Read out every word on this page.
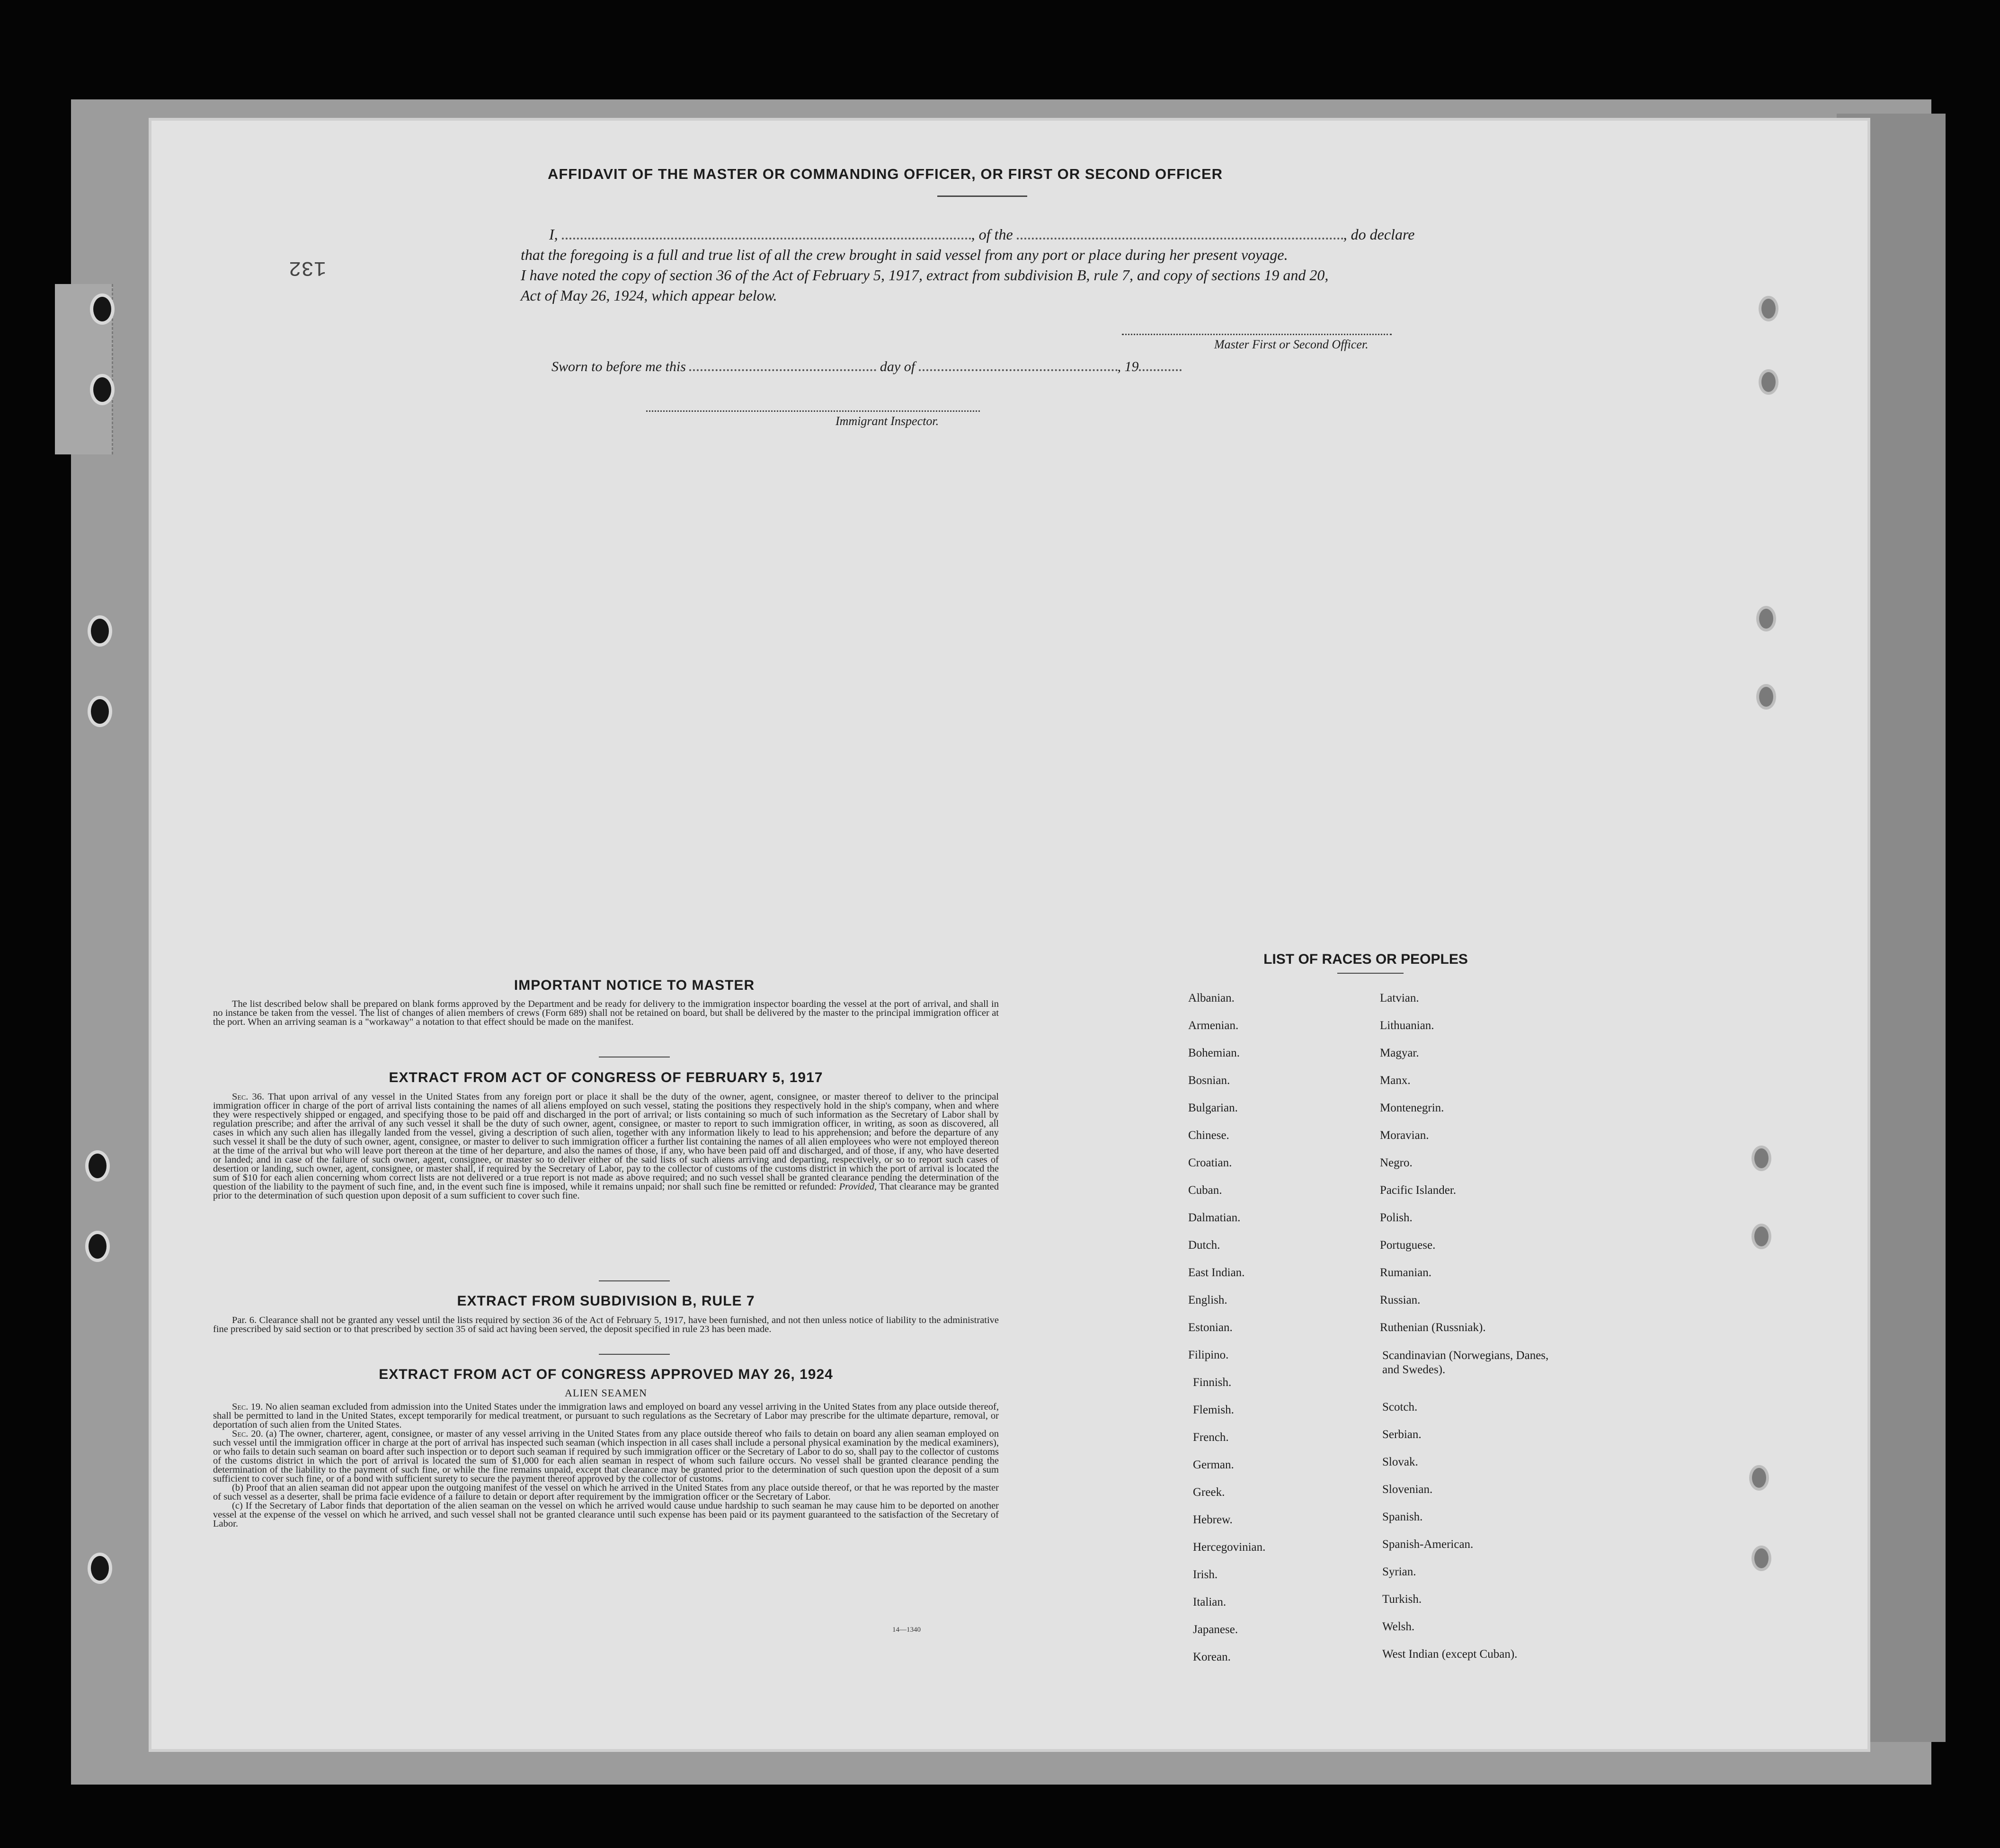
132
AFFIDAVIT OF THE MASTER OR COMMANDING OFFICER, OR FIRST OR SECOND OFFICER
I,	, of the	, do declare
that the foregoing is a full and true list of all the crew brought in said vessel from any port or place during her present voyage.
I have noted the copy of section 36 of the Act of February 5, 1917, extract from subdivision B, rule 7, and copy of sections 19 and 20,
Act of May 26, 1924, which appear below.
Master First or Second Officer.
Sworn to before me this	day of	, 19
Immigrant Inspector.
IMPORTANT NOTICE TO MASTER

The list described below shall be prepared on blank forms approved by the Department and be ready for delivery to the immigration inspector boarding the vessel at the port of arrival, and shall in no instance be taken from the vessel. The list of changes of alien members of crews (Form 689) shall not be retained on board, but shall be delivered by the master to the principal immigration officer at the port. When an arriving seaman is a "workaway" a notation to that effect should be made on the manifest.

EXTRACT FROM ACT OF CONGRESS OF FEBRUARY 5, 1917

Sec. 36. That upon arrival of any vessel in the United States from any foreign port or place it shall be the duty of the owner, agent, consignee, or master thereof to deliver to the principal immigration officer in charge of the port of arrival lists containing the names of all aliens employed on such vessel, stating the positions they respectively hold in the ship's company, when and where they were respectively shipped or engaged, and specifying those to be paid off and discharged in the port of arrival; or lists containing so much of such information as the Secretary of Labor shall by regulation prescribe; and after the arrival of any such vessel it shall be the duty of such owner, agent, consignee, or master to report to such immigration officer, in writing, as soon as discovered, all cases in which any such alien has illegally landed from the vessel, giving a description of such alien, together with any information likely to lead to his apprehension; and before the departure of any such vessel it shall be the duty of such owner, agent, consignee, or master to deliver to such immigration officer a further list containing the names of all alien employees who were not employed thereon at the time of the arrival but who will leave port thereon at the time of her departure, and also the names of those, if any, who have been paid off and discharged, and of those, if any, who have deserted or landed; and in case of the failure of such owner, agent, consignee, or master so to deliver either of the said lists of such aliens arriving and departing, respectively, or so to report such cases of desertion or landing, such owner, agent, consignee, or master shall, if required by the Secretary of Labor, pay to the collector of customs of the customs district in which the port of arrival is located the sum of $10 for each alien concerning whom correct lists are not delivered or a true report is not made as above required; and no such vessel shall be granted clearance pending the determination of the question of the liability to the payment of such fine, and, in the event such fine is imposed, while it remains unpaid; nor shall such fine be remitted or refunded: Provided, That clearance may be granted prior to the determination of such question upon deposit of a sum sufficient to cover such fine.

EXTRACT FROM SUBDIVISION B, RULE 7

Par. 6. Clearance shall not be granted any vessel until the lists required by section 36 of the Act of February 5, 1917, have been furnished, and not then unless notice of liability to the administrative fine prescribed by said section or to that prescribed by section 35 of said act having been served, the deposit specified in rule 23 has been made.

EXTRACT FROM ACT OF CONGRESS APPROVED MAY 26, 1924
ALIEN SEAMEN

Sec. 19. No alien seaman excluded from admission into the United States under the immigration laws and employed on board any vessel arriving in the United States from any place outside thereof, shall be permitted to land in the United States, except temporarily for medical treatment, or pursuant to such regulations as the Secretary of Labor may prescribe for the ultimate departure, removal, or deportation of such alien from the United States.

Sec. 20. (a) The owner, charterer, agent, consignee, or master of any vessel arriving in the United States from any place outside thereof who fails to detain on board any alien seaman employed on such vessel until the immigration officer in charge at the port of arrival has inspected such seaman (which inspection in all cases shall include a personal physical examination by the medical examiners), or who fails to detain such seaman on board after such inspection or to deport such seaman if required by such immigration officer or the Secretary of Labor to do so, shall pay to the collector of customs of the customs district in which the port of arrival is located the sum of $1,000 for each alien seaman in respect of whom such failure occurs. No vessel shall be granted clearance pending the determination of the liability to the payment of such fine, or while the fine remains unpaid, except that clearance may be granted prior to the determination of such question upon the deposit of a sum sufficient to cover such fine, or of a bond with sufficient surety to secure the payment thereof approved by the collector of customs.

(b) Proof that an alien seaman did not appear upon the outgoing manifest of the vessel on which he arrived in the United States from any place outside thereof, or that he was reported by the master of such vessel as a deserter, shall be prima facie evidence of a failure to detain or deport after requirement by the immigration officer or the Secretary of Labor.

(c) If the Secretary of Labor finds that deportation of the alien seaman on the vessel on which he arrived would cause undue hardship to such seaman he may cause him to be deported on another vessel at the expense of the vessel on which he arrived, and such vessel shall not be granted clearance until such expense has been paid or its payment guaranteed to the satisfaction of the Secretary of Labor.

14—1340
LIST OF RACES OR PEOPLES
Albanian.
Armenian.
Bohemian.
Bosnian.
Bulgarian.
Chinese.
Croatian.
Cuban.
Dalmatian.
Dutch.
East Indian.
English.
Estonian.
Filipino.
Finnish.
Flemish.
French.
German.
Greek.
Hebrew.
Hercegovinian.
Irish.
Italian.
Japanese.
Korean.
Latvian.
Lithuanian.
Magyar.
Manx.
Montenegrin.
Moravian.
Negro.
Pacific Islander.
Polish.
Portuguese.
Rumanian.
Russian.
Ruthenian (Russniak).
Scandinavian (Norwegians, Danes, and Swedes).
Scotch.
Serbian.
Slovak.
Slovenian.
Spanish.
Spanish-American.
Syrian.
Turkish.
Welsh.
West Indian (except Cuban).
